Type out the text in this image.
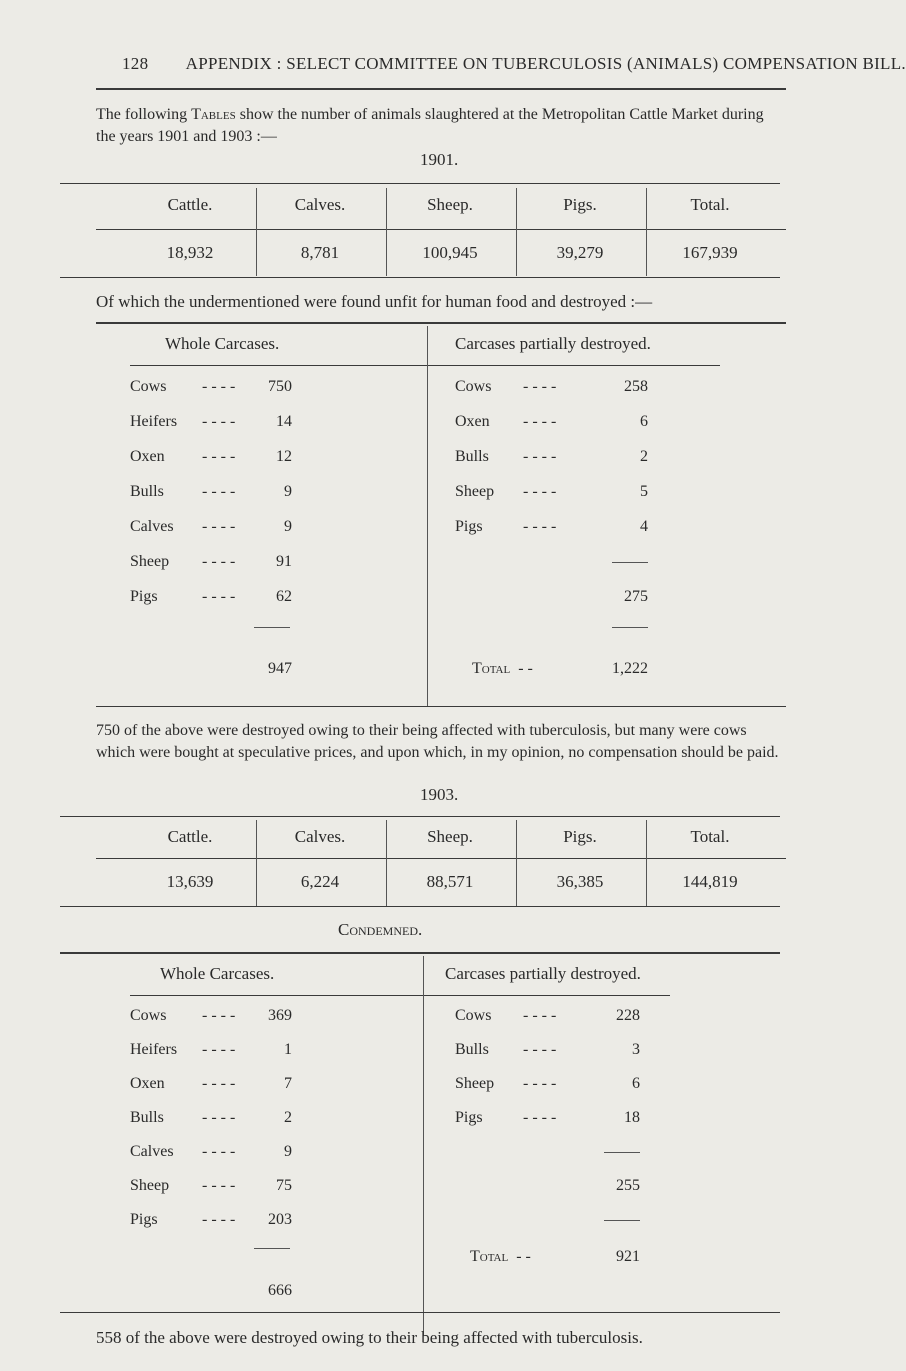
128 APPENDIX : SELECT COMMITTEE ON TUBERCULOSIS (ANIMALS) COMPENSATION BILL.
The following Tables show the number of animals slaughtered at the Metropolitan Cattle Market during the years 1901 and 1903 :—
1901.
Cattle.	Calves.	Sheep.	Pigs.	Total.
18,932	8,781	100,945	39,279	167,939
Of which the undermentioned were found unfit for human food and destroyed :—
Whole Carcases.	Carcases partially destroyed.
Cows - - - -	750
Heifers - - - -	14
Oxen - - - -	12
Bulls - - - -	9
Calves - - - -	9
Sheep - - - -	91
Pigs	- - - -	62
947
Cows - - - -	258
Oxen - - - -	6
Bulls - - - -	2
Sheep - - - -	5
Pigs	- - - -	4
275
Total - -	1,222
750 of the above were destroyed owing to their being affected with tuberculosis, but many were cows which were bought at speculative prices, and upon which, in my opinion, no compensation should be paid.
1903.
Cattle.	Calves.	Sheep.	Pigs.	Total.
13,639	6,224	88,571	36,385	144,819
Condemned.
Whole Carcases.	Carcases partially destroyed.
Cows - - - -	369
Heifers - - - -	1
Oxen - - - -	7
Bulls - - - -	2
Calves - - - -	9
Sheep - - - -	75
Pigs	- - - -	203
666
Cows - - - -	228
Bulls - - - -	3
Sheep - - - -	6
Pigs	- - - -	18
255
Total - -	921
558 of the above were destroyed owing to their being affected with tuberculosis.
